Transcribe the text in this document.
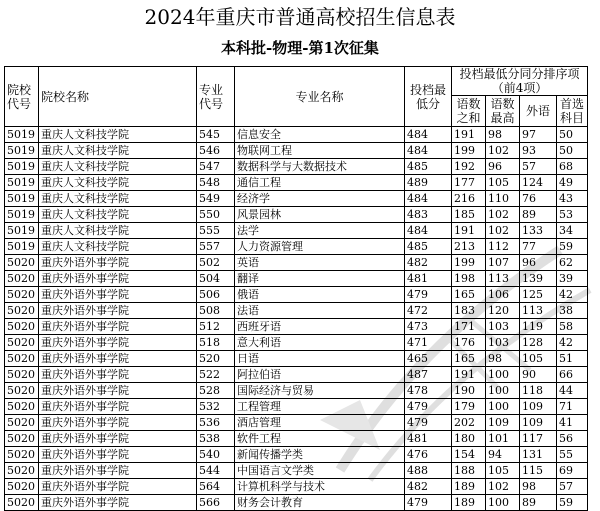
2024年重庆市普通高校招生信息表
本科批-物理-第1次征集
院校代号	院校名称	专业代号	专业名称	投档最低分	投档最低分同分排序项（前4项）			
					语数之和	语数最高	外语	首选科目
5019	重庆人文科技学院	545	信息安全	484	191	98	97	50
5019	重庆人文科技学院	546	物联网工程	484	199	102	93	50
5019	重庆人文科技学院	547	数据科学与大数据技术	485	192	96	57	68
5019	重庆人文科技学院	548	通信工程	489	177	105	124	49
5019	重庆人文科技学院	549	经济学	484	216	110	76	43
5019	重庆人文科技学院	550	风景园林	483	185	102	89	53
5019	重庆人文科技学院	555	法学	484	191	102	133	34
5019	重庆人文科技学院	557	人力资源管理	485	213	112	77	59
5020	重庆外语外事学院	502	英语	482	199	107	96	62
5020	重庆外语外事学院	504	翻译	481	198	113	139	39
5020	重庆外语外事学院	506	俄语	479	165	106	125	42
5020	重庆外语外事学院	508	法语	472	183	120	113	38
5020	重庆外语外事学院	512	西班牙语	473	171	103	119	58
5020	重庆外语外事学院	518	意大利语	471	176	103	128	42
5020	重庆外语外事学院	520	日语	465	165	98	105	51
5020	重庆外语外事学院	522	阿拉伯语	487	191	100	90	66
5020	重庆外语外事学院	528	国际经济与贸易	478	190	100	118	44
5020	重庆外语外事学院	532	工程管理	479	179	100	109	71
5020	重庆外语外事学院	536	酒店管理	479	202	109	109	41
5020	重庆外语外事学院	538	软件工程	481	180	101	117	56
5020	重庆外语外事学院	540	新闻传播学类	476	154	94	131	55
5020	重庆外语外事学院	544	中国语言文学类	488	188	105	115	69
5020	重庆外语外事学院	564	计算机科学与技术	482	189	102	98	57
5020	重庆外语外事学院	566	财务会计教育	479	189	100	89	59
